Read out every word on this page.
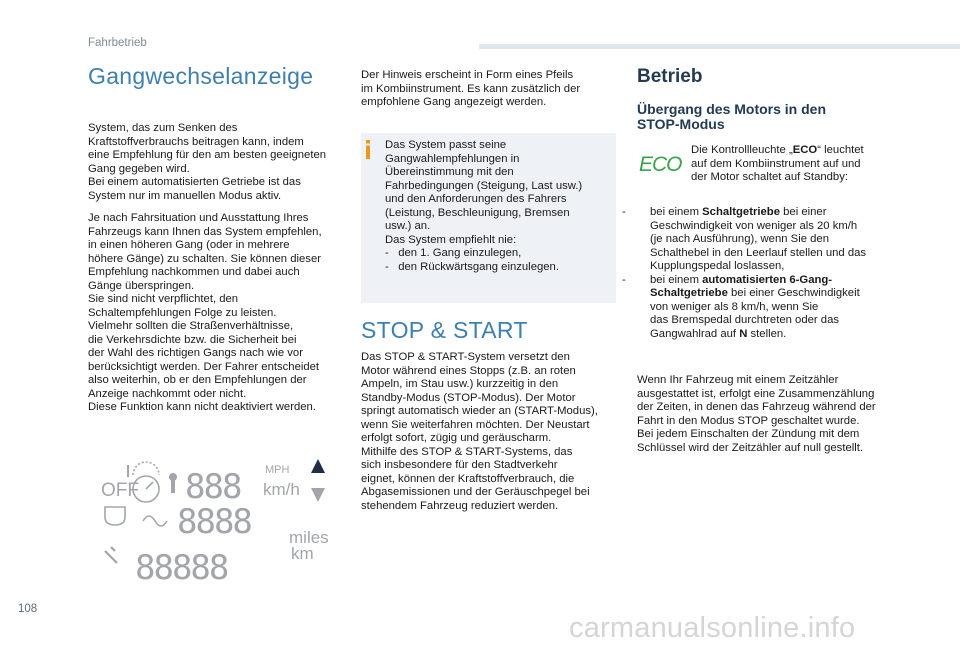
Fahrbetrieb
Gangwechselanzeige

System, das zum Senken des
Kraftstoffverbrauchs beitragen kann, indem
eine Empfehlung für den am besten geeigneten
Gang gegeben wird.
Bei einem automatisierten Getriebe ist das
System nur im manuellen Modus aktiv.

Je nach Fahrsituation und Ausstattung Ihres
Fahrzeugs kann Ihnen das System empfehlen,
in einen höheren Gang (oder in mehrere
höhere Gänge) zu schalten. Sie können dieser
Empfehlung nachkommen und dabei auch
Gänge überspringen.
Sie sind nicht verpflichtet, den
Schaltempfehlungen Folge zu leisten.
Vielmehr sollten die Straßenverhältnisse,
die Verkehrsdichte bzw. die Sicherheit bei
der Wahl des richtigen Gangs nach wie vor
berücksichtigt werden. Der Fahrer entscheidet
also weiterhin, ob er den Empfehlungen der
Anzeige nachkommt oder nicht.
Diese Funktion kann nicht deaktiviert werden.

OFF 888 MPH
km/h
8888 miles
km
88888

Der Hinweis erscheint in Form eines Pfeils
im Kombiinstrument. Es kann zusätzlich der
empfohlene Gang angezeigt werden.

Das System passt seine
Gangwahlempfehlungen in
Übereinstimmung mit den
Fahrbedingungen (Steigung, Last usw.)
und den Anforderungen des Fahrers
(Leistung, Beschleunigung, Bremsen
usw.) an.
Das System empfiehlt nie:

-   den 1. Gang einzulegen,
-   den Rückwärtsgang einzulegen.
STOP & START

Das STOP & START-System versetzt den
Motor während eines Stopps (z.B. an roten
Ampeln, im Stau usw.) kurzzeitig in den
Standby-Modus (STOP-Modus). Der Motor
springt automatisch wieder an (START-Modus),
wenn Sie weiterfahren möchten. Der Neustart
erfolgt sofort, zügig und geräuscharm.
Mithilfe des STOP & START-Systems, das
sich insbesondere für den Stadtverkehr
eignet, können der Kraftstoffverbrauch, die
Abgasemissionen und der Geräuschpegel bei
stehendem Fahrzeug reduziert werden.

Betrieb
Übergang des Motors in den
STOP-Modus
ECO

Die Kontrollleuchte „ECO“ leuchtet
auf dem Kombiinstrument auf und
der Motor schaltet auf Standby:

-	bei einem Schaltgetriebe bei einer
Geschwindigkeit von weniger als 20 km/h
(je nach Ausführung), wenn Sie den
Schalthebel in den Leerlauf stellen und das
Kupplungspedal loslassen,

-	bei einem automatisierten 6-Gang-
Schaltgetriebe bei einer Geschwindigkeit
von weniger als 8 km/h, wenn Sie
das Bremspedal durchtreten oder das
Gangwahlrad auf N stellen.

Wenn Ihr Fahrzeug mit einem Zeitzähler
ausgestattet ist, erfolgt eine Zusammenzählung
der Zeiten, in denen das Fahrzeug während der
Fahrt in den Modus STOP geschaltet wurde.
Bei jedem Einschalten der Zündung mit dem
Schlüssel wird der Zeitzähler auf null gestellt.

108
carmanualsonline.info
